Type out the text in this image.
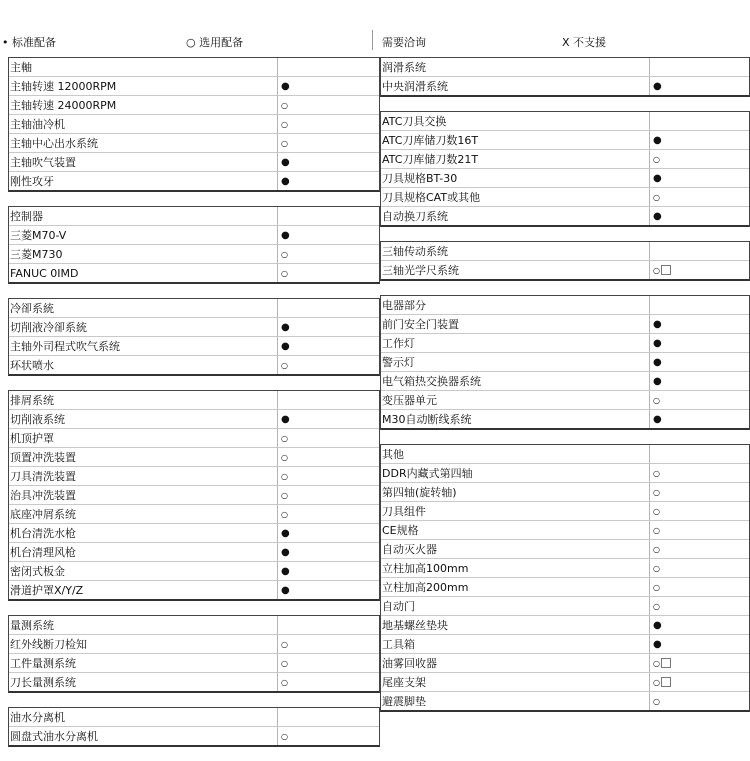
• 标准配备	○ 选用配备	需要洽询	X 不支援
主軸
主轴转速 12000RPM	●
主轴转速 24000RPM	○
主轴油冷机	○
主轴中心出水系统	○
主轴吹气装置	●
刚性攻牙	●
控制器
三菱M70-V	●
三菱M730	○
FANUC 0IMD	○
冷卻系統
切削液冷卻系統	●
主轴外司程式吹气系统	●
环状喷水	○
排屑系统
切削液系统	●
机顶护罩	○
顶置冲洗装置	○
刀具清洗装置	○
治具冲洗装置	○
底座冲屑系统	○
机台清洗水枪	●
机台清理风枪	●
密闭式板金	●
滑道护罩X/Y/Z	●
量测系统
红外线断刀检知	○
工件量测系统	○
刀长量测系统	○
油水分离机
圆盘式油水分离机	○
润滑系统
中央润滑系统	●
ATC刀具交换
ATC刀库储刀数16T	●
ATC刀库储刀数21T	○
刀具规格BT-30	●
刀具规格CAT或其他	○
自动换刀系统	●
三轴传动系统
三轴光学尺系统	○
电器部分
前门安全门装置	●
工作灯	●
警示灯	●
电气箱热交换器系统	●
变压器单元	○
M30自动断线系统	●
其他
DDR内藏式第四轴	○
第四轴(旋转轴)	○
刀具组件	○
CE规格	○
自动灭火器	○
立柱加高100mm	○
立柱加高200mm	○
自动门	○
地基螺丝垫块	●
工具箱	●
油雾回收器	○
尾座支架	○
避震脚垫	○
